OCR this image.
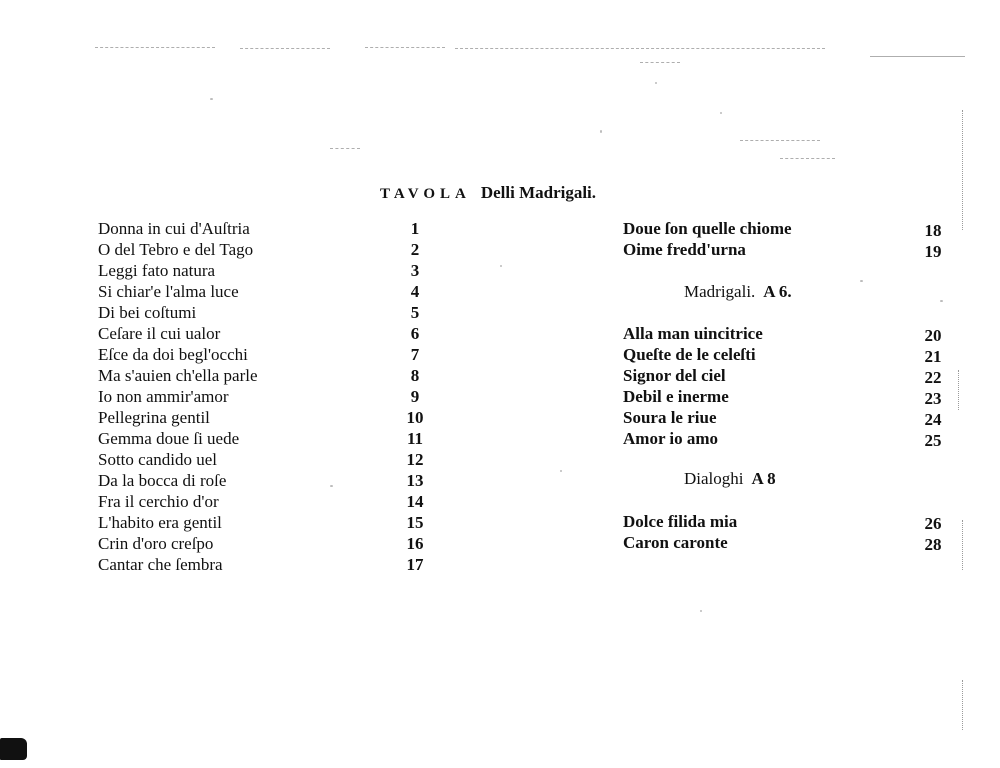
TAVOLA Delli Madrigali.
Donna in cui d'Auſtria	1
O del Tebro e del Tago	2
Leggi fato natura	3
Si chiar'e l'alma luce	4
Di bei coſtumi	5
Ceſare il cui ualor	6
Eſce da doi begl'occhi	7
Ma s'auien ch'ella parle	8
Io non ammir'amor	9
Pellegrina gentil	10
Gemma doue ſi uede	11
Sotto candido uel	12
Da la bocca di roſe	13
Fra il cerchio d'or	14
L'habito era gentil	15
Crin d'oro creſpo	16
Cantar che ſembra	17
Doue ſon quelle chiome	18
Oime fredd'urna	19
Madrigali. A 6.
Alla man uincitrice	20
Queſte de le celeſti	21
Signor del ciel	22
Debil e inerme	23
Soura le riue	24
Amor io amo	25
Dialoghi A 8
Dolce filida mia	26
Caron caronte	28
